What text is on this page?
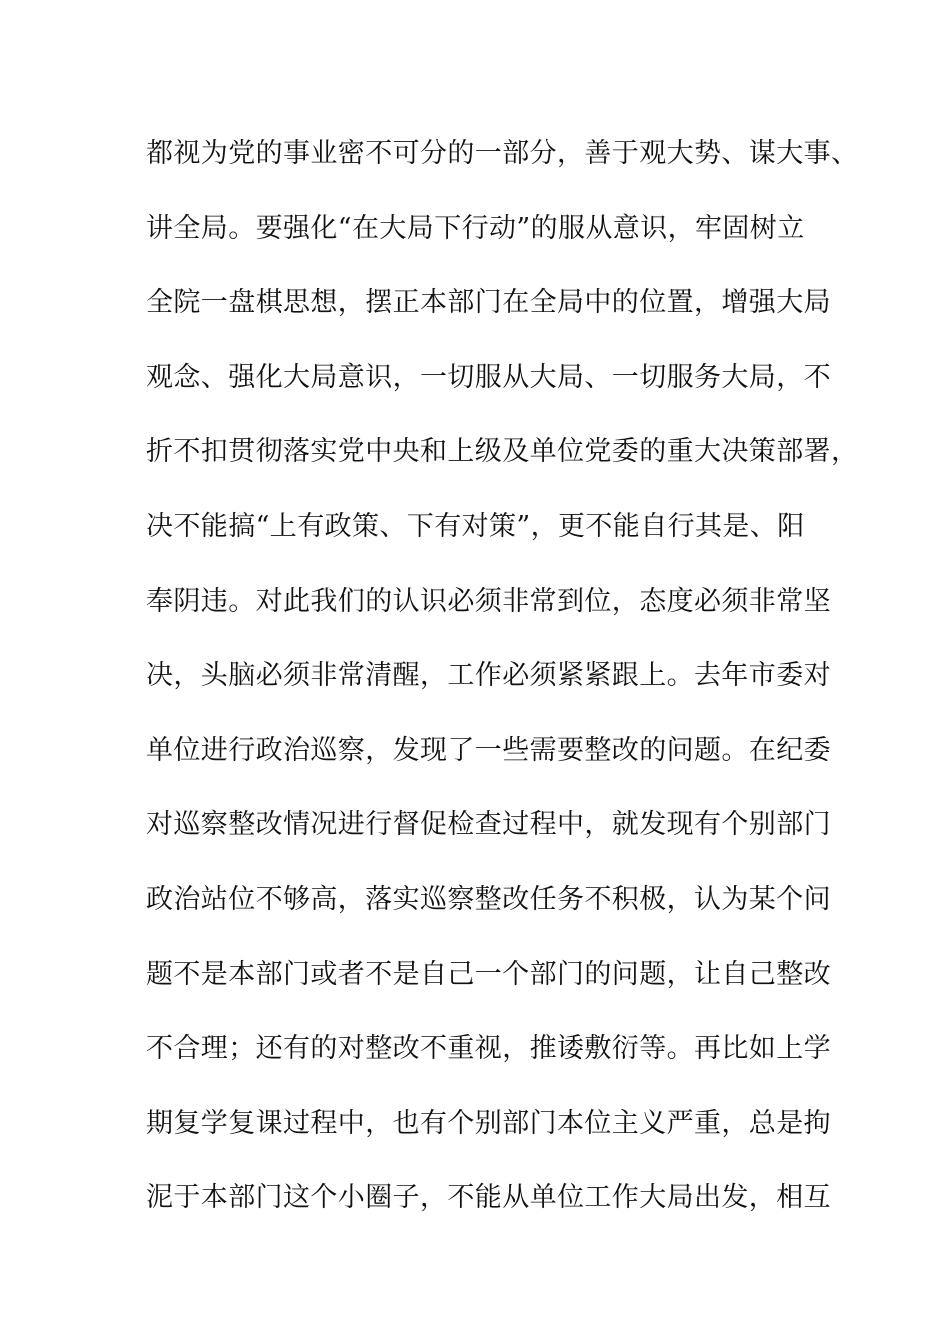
都视为党的事业密不可分的一部分，善于观大势、谋大事、
讲全局。要强化“在大局下行动”的服从意识，牢固树立
全院一盘棋思想，摆正本部门在全局中的位置，增强大局
观念、强化大局意识，一切服从大局、一切服务大局，不
折不扣贯彻落实党中央和上级及单位党委的重大决策部署，
决不能搞“上有政策、下有对策”，更不能自行其是、阳
奉阴违。对此我们的认识必须非常到位，态度必须非常坚
决，头脑必须非常清醒，工作必须紧紧跟上。去年市委对
单位进行政治巡察，发现了一些需要整改的问题。在纪委
对巡察整改情况进行督促检查过程中，就发现有个别部门
政治站位不够高，落实巡察整改任务不积极，认为某个问
题不是本部门或者不是自己一个部门的问题，让自己整改
不合理；还有的对整改不重视，推诿敷衍等。再比如上学
期复学复课过程中，也有个别部门本位主义严重，总是拘
泥于本部门这个小圈子，不能从单位工作大局出发，相互
